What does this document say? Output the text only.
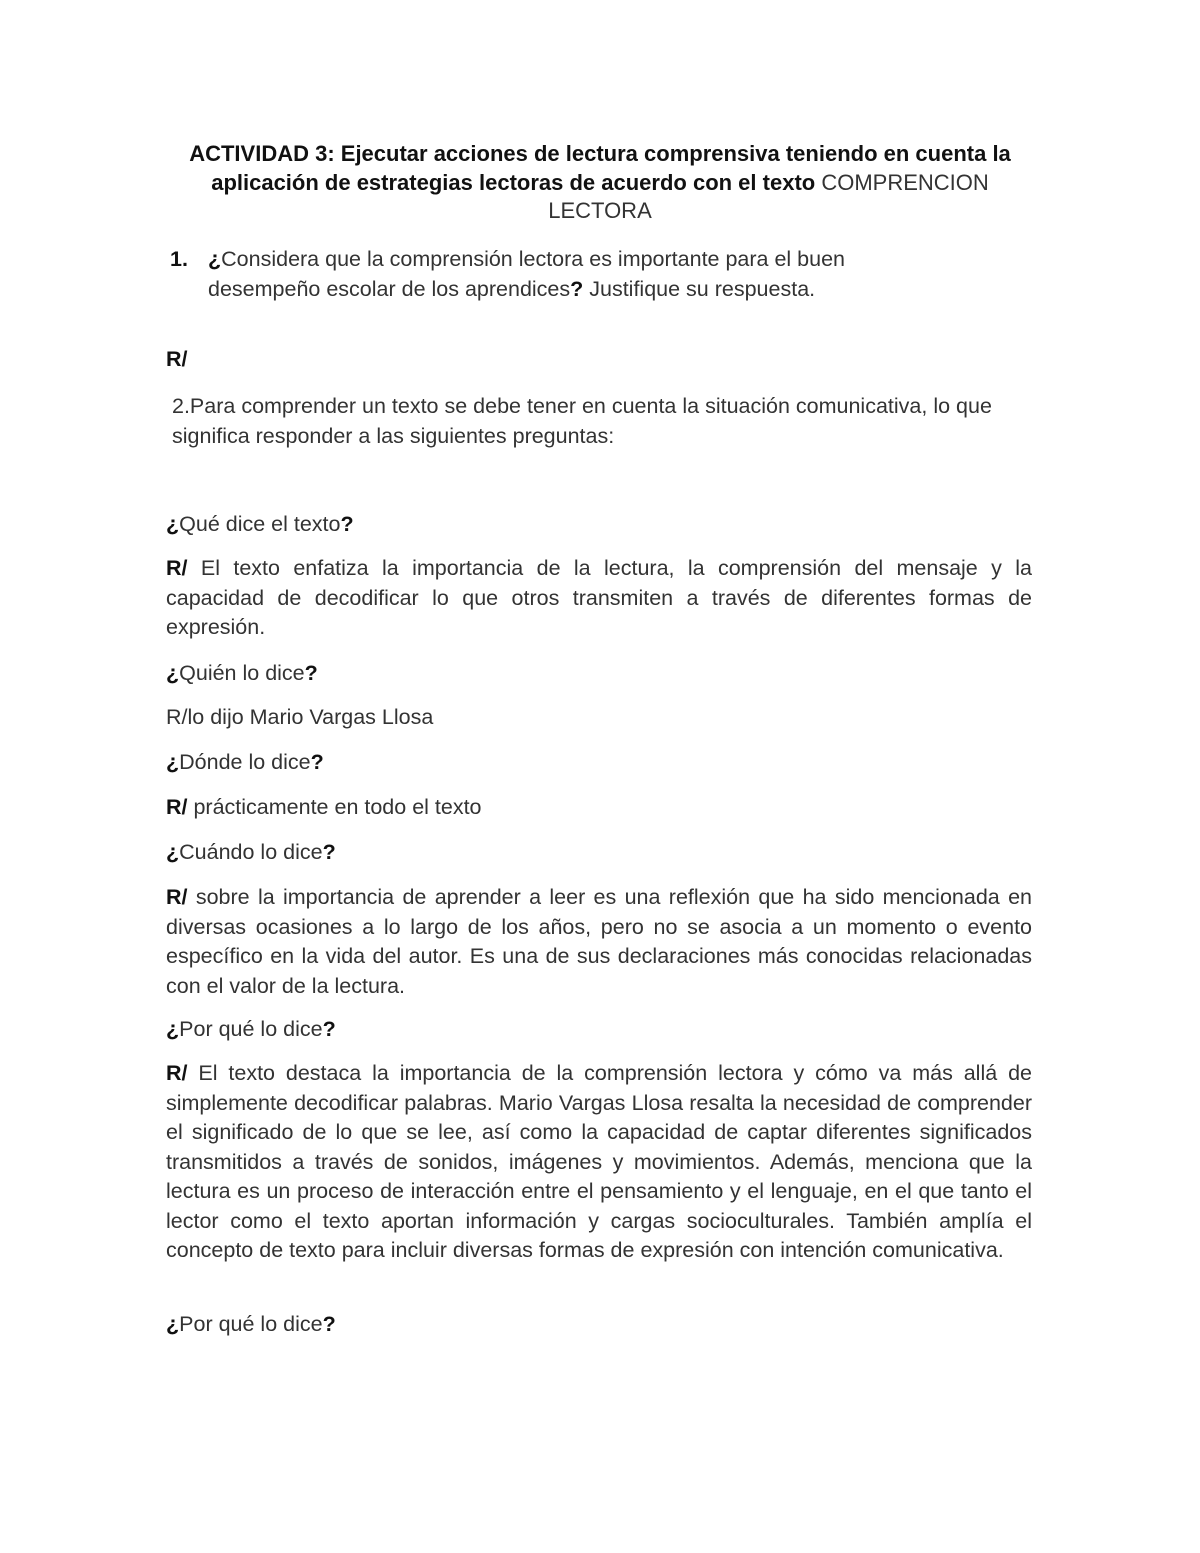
ACTIVIDAD 3: Ejecutar acciones de lectura comprensiva teniendo en cuenta la aplicación de estrategias lectoras de acuerdo con el texto COMPRENCION LECTORA
1. ¿Considera que la comprensión lectora es importante para el buen desempeño escolar de los aprendices? Justifique su respuesta.
R/
2.Para comprender un texto se debe tener en cuenta la situación comunicativa, lo que significa responder a las siguientes preguntas:
¿Qué dice el texto?
R/ El texto enfatiza la importancia de la lectura, la comprensión del mensaje y la capacidad de decodificar lo que otros transmiten a través de diferentes formas de expresión.
¿Quién lo dice?
R/lo dijo Mario Vargas Llosa
¿Dónde lo dice?
R/ prácticamente en todo el texto
¿Cuándo lo dice?
R/ sobre la importancia de aprender a leer es una reflexión que ha sido mencionada en diversas ocasiones a lo largo de los años, pero no se asocia a un momento o evento específico en la vida del autor. Es una de sus declaraciones más conocidas relacionadas con el valor de la lectura.
¿Por qué lo dice?
R/ El texto destaca la importancia de la comprensión lectora y cómo va más allá de simplemente decodificar palabras. Mario Vargas Llosa resalta la necesidad de comprender el significado de lo que se lee, así como la capacidad de captar diferentes significados transmitidos a través de sonidos, imágenes y movimientos. Además, menciona que la lectura es un proceso de interacción entre el pensamiento y el lenguaje, en el que tanto el lector como el texto aportan información y cargas socioculturales. También amplía el concepto de texto para incluir diversas formas de expresión con intención comunicativa.
¿Por qué lo dice?
